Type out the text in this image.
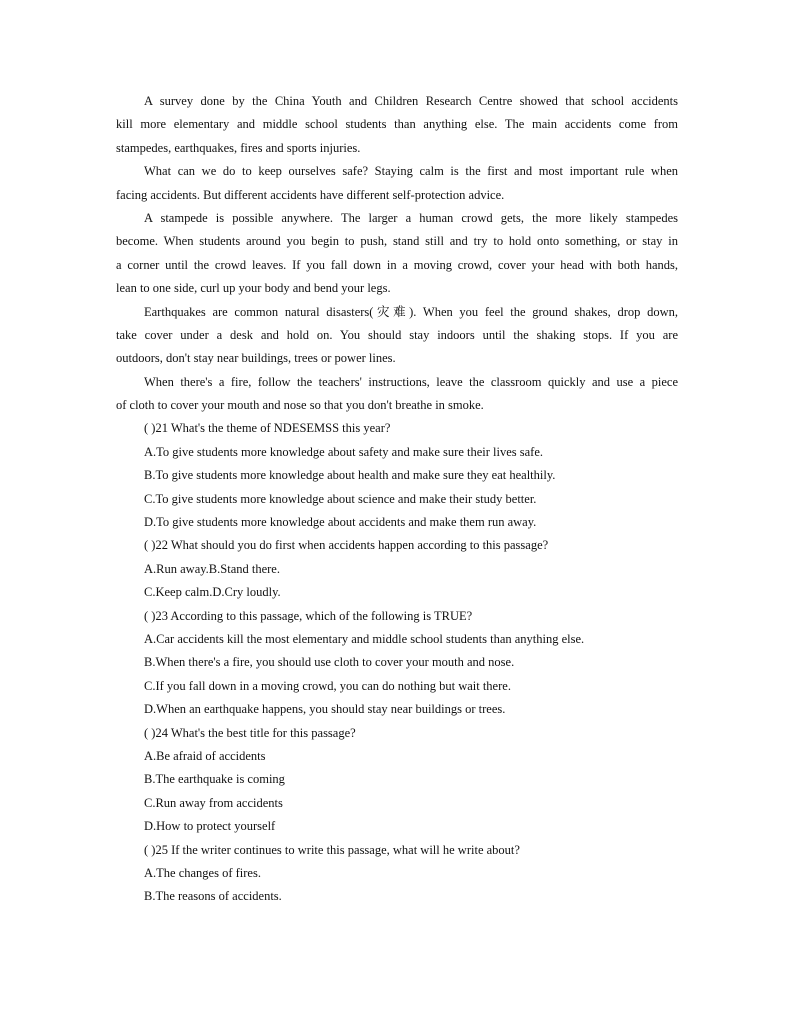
A survey done by the China Youth and Children Research Centre showed that school accidents
kill more elementary and middle school students than anything else. The main accidents come from
stampedes, earthquakes, fires and sports injuries.
What can we do to keep ourselves safe? Staying calm is the first and most important rule when
facing accidents. But different accidents have different self-protection advice.
A stampede is possible anywhere. The larger a human crowd gets, the more likely stampedes
become. When students around you begin to push, stand still and try to hold onto something, or stay in
a corner until the crowd leaves. If you fall down in a moving crowd, cover your head with both hands,
lean to one side, curl up your body and bend your legs.
Earthquakes are common natural disasters(灾难). When you feel the ground shakes, drop down,
take cover under a desk and hold on. You should stay indoors until the shaking stops. If you are
outdoors, don't stay near buildings, trees or power lines.
When there's a fire, follow the teachers' instructions, leave the classroom quickly and use a piece
of cloth to cover your mouth and nose so that you don't breathe in smoke.
( )21 What's the theme of NDESEMSS this year?
A.To give students more knowledge about safety and make sure their lives safe.
B.To give students more knowledge about health and make sure they eat healthily.
C.To give students more knowledge about science and make their study better.
D.To give students more knowledge about accidents and make them run away.
( )22 What should you do first when accidents happen according to this passage?
A.Run away.B.Stand there.
C.Keep calm.D.Cry loudly.
( )23 According to this passage, which of the following is TRUE?
A.Car accidents kill the most elementary and middle school students than anything else.
B.When there's a fire, you should use cloth to cover your mouth and nose.
C.If you fall down in a moving crowd, you can do nothing but wait there.
D.When an earthquake happens, you should stay near buildings or trees.
( )24 What's the best title for this passage?
A.Be afraid of accidents
B.The earthquake is coming
C.Run away from accidents
D.How to protect yourself
( )25 If the writer continues to write this passage, what will he write about?
A.The changes of fires.
B.The reasons of accidents.
